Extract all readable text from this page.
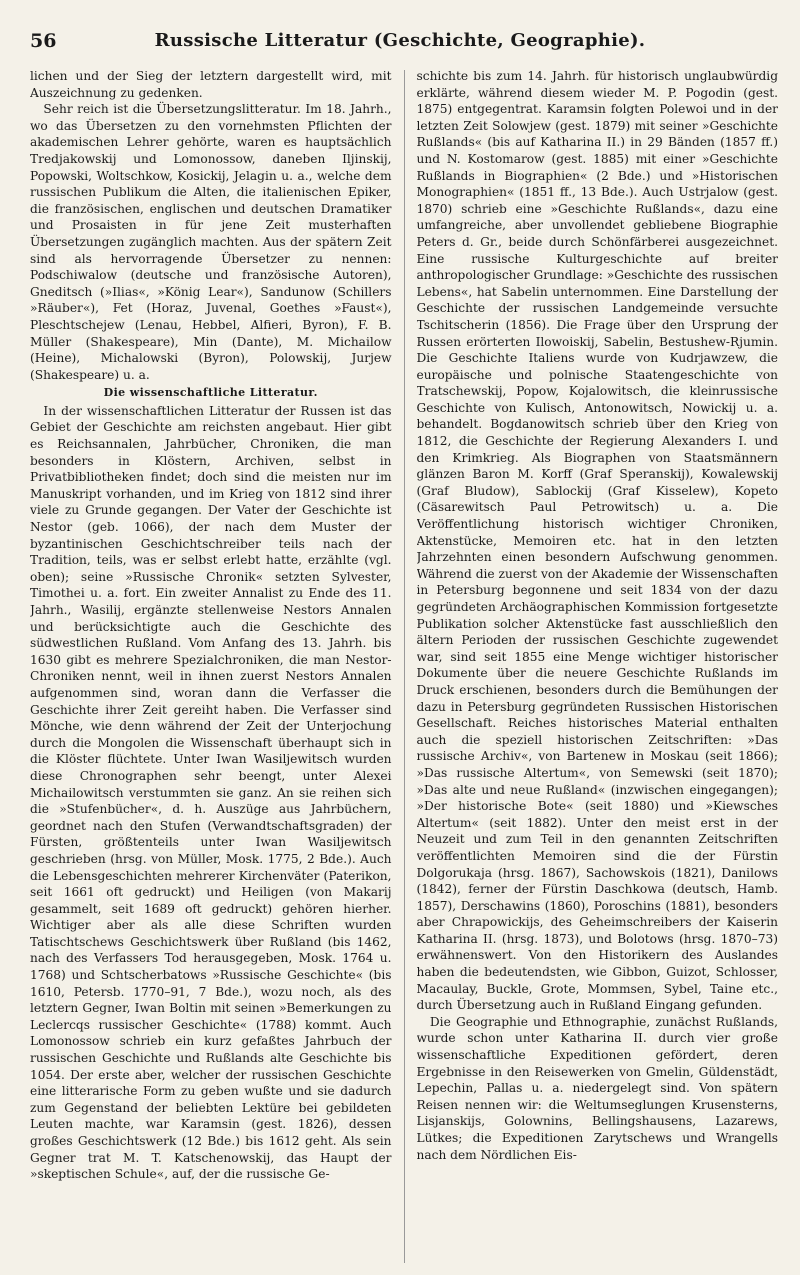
56	Russische Litteratur (Geschichte, Geographie).

lichen und der Sieg der letztern dargestellt wird, mit Auszeichnung zu gedenken.

Sehr reich ist die Übersetzungslitteratur. Im 18. Jahrh., wo das Übersetzen zu den vornehmsten Pflichten der akademischen Lehrer gehörte, waren es hauptsächlich Tredjakowskij und Lomonossow, daneben Iljinskij, Popowski, Woltschkow, Kosickij, Jelagin u. a., welche dem russischen Publikum die Alten, die italienischen Epiker, die französischen, englischen und deutschen Dramatiker und Prosaisten in für jene Zeit musterhaften Übersetzungen zugänglich machten. Aus der spätern Zeit sind als hervorragende Übersetzer zu nennen: Podschiwalow (deutsche und französische Autoren), Gneditsch (»Ilias«, »König Lear«), Sandunow (Schillers »Räuber«), Fet (Horaz, Juvenal, Goethes »Faust«), Pleschtschejew (Lenau, Hebbel, Alfieri, Byron), F. B. Müller (Shakespeare), Min (Dante), M. Michailow (Heine), Michalowski (Byron), Polowskij, Jurjew (Shakespeare) u. a.

Die wissenschaftliche Litteratur.

In der wissenschaftlichen Litteratur der Russen ist das Gebiet der Geschichte am reichsten angebaut. Hier gibt es Reichsannalen, Jahrbücher, Chroniken, die man besonders in Klöstern, Archiven, selbst in Privatbibliotheken findet; doch sind die meisten nur im Manuskript vorhanden, und im Krieg von 1812 sind ihrer viele zu Grunde gegangen. Der Vater der Geschichte ist Nestor (geb. 1066), der nach dem Muster der byzantinischen Geschichtschreiber teils nach der Tradition, teils, was er selbst erlebt hatte, erzählte (vgl. oben); seine »Russische Chronik« setzten Sylvester, Timothei u. a. fort. Ein zweiter Annalist zu Ende des 11. Jahrh., Wasilij, ergänzte stellenweise Nestors Annalen und berücksichtigte auch die Geschichte des südwestlichen Rußland. Vom Anfang des 13. Jahrh. bis 1630 gibt es mehrere Spezialchroniken, die man Nestor-Chroniken nennt, weil in ihnen zuerst Nestors Annalen aufgenommen sind, woran dann die Verfasser die Geschichte ihrer Zeit gereiht haben. Die Verfasser sind Mönche, wie denn während der Zeit der Unterjochung durch die Mongolen die Wissenschaft überhaupt sich in die Klöster flüchtete. Unter Iwan Wasiljewitsch wurden diese Chronographen sehr beengt, unter Alexei Michailowitsch verstummten sie ganz. An sie reihen sich die »Stufenbücher«, d. h. Auszüge aus Jahrbüchern, geordnet nach den Stufen (Verwandtschaftsgraden) der Fürsten, größtenteils unter Iwan Wasiljewitsch geschrieben (hrsg. von Müller, Mosk. 1775, 2 Bde.). Auch die Lebensgeschichten mehrerer Kirchenväter (Paterikon, seit 1661 oft gedruckt) und Heiligen (von Makarij gesammelt, seit 1689 oft gedruckt) gehören hierher. Wichtiger aber als alle diese Schriften wurden Tatischtschews Geschichtswerk über Rußland (bis 1462, nach des Verfassers Tod herausgegeben, Mosk. 1764 u. 1768) und Schtscherbatows »Russische Geschichte« (bis 1610, Petersb. 1770–91, 7 Bde.), wozu noch, als des letztern Gegner, Iwan Boltin mit seinen »Bemerkungen zu Leclercqs russischer Geschichte« (1788) kommt. Auch Lomonossow schrieb ein kurz gefaßtes Jahrbuch der russischen Geschichte und Rußlands alte Geschichte bis 1054. Der erste aber, welcher der russischen Geschichte eine litterarische Form zu geben wußte und sie dadurch zum Gegenstand der beliebten Lektüre bei gebildeten Leuten machte, war Karamsin (gest. 1826), dessen großes Geschichtswerk (12 Bde.) bis 1612 geht. Als sein Gegner trat M. T. Katschenowskij, das Haupt der »skeptischen Schule«, auf, der die russische Ge-

schichte bis zum 14. Jahrh. für historisch unglaubwürdig erklärte, während diesem wieder M. P. Pogodin (gest. 1875) entgegentrat. Karamsin folgten Polewoi und in der letzten Zeit Solowjew (gest. 1879) mit seiner »Geschichte Rußlands« (bis auf Katharina II.) in 29 Bänden (1857 ff.) und N. Kostomarow (gest. 1885) mit einer »Geschichte Rußlands in Biographien« (2 Bde.) und »Historischen Monographien« (1851 ff., 13 Bde.). Auch Ustrjalow (gest. 1870) schrieb eine »Geschichte Rußlands«, dazu eine umfangreiche, aber unvollendet gebliebene Biographie Peters d. Gr., beide durch Schönfärberei ausgezeichnet. Eine russische Kulturgeschichte auf breiter anthropologischer Grundlage: »Geschichte des russischen Lebens«, hat Sabelin unternommen. Eine Darstellung der Geschichte der russischen Landgemeinde versuchte Tschitscherin (1856). Die Frage über den Ursprung der Russen erörterten Ilowoiskij, Sabelin, Bestushew-Rjumin. Die Geschichte Italiens wurde von Kudrjawzew, die europäische und polnische Staatengeschichte von Tratschewskij, Popow, Kojalowitsch, die kleinrussische Geschichte von Kulisch, Antonowitsch, Nowickij u. a. behandelt. Bogdanowitsch schrieb über den Krieg von 1812, die Geschichte der Regierung Alexanders I. und den Krimkrieg. Als Biographen von Staatsmännern glänzen Baron M. Korff (Graf Speranskij), Kowalewskij (Graf Bludow), Sablockij (Graf Kisselew), Kopeto (Cäsarewitsch Paul Petrowitsch) u. a. Die Veröffentlichung historisch wichtiger Chroniken, Aktenstücke, Memoiren etc. hat in den letzten Jahrzehnten einen besondern Aufschwung genommen. Während die zuerst von der Akademie der Wissenschaften in Petersburg begonnene und seit 1834 von der dazu gegründeten Archäographischen Kommission fortgesetzte Publikation solcher Aktenstücke fast ausschließlich den ältern Perioden der russischen Geschichte zugewendet war, sind seit 1855 eine Menge wichtiger historischer Dokumente über die neuere Geschichte Rußlands im Druck erschienen, besonders durch die Bemühungen der dazu in Petersburg gegründeten Russischen Historischen Gesellschaft. Reiches historisches Material enthalten auch die speziell historischen Zeitschriften: »Das russische Archiv«, von Bartenew in Moskau (seit 1866); »Das russische Altertum«, von Semewski (seit 1870); »Das alte und neue Rußland« (inzwischen eingegangen); »Der historische Bote« (seit 1880) und »Kiewsches Altertum« (seit 1882). Unter den meist erst in der Neuzeit und zum Teil in den genannten Zeitschriften veröffentlichten Memoiren sind die der Fürstin Dolgorukaja (hrsg. 1867), Sachowskois (1821), Danilows (1842), ferner der Fürstin Daschkowa (deutsch, Hamb. 1857), Derschawins (1860), Poroschins (1881), besonders aber Chrapowickijs, des Geheimschreibers der Kaiserin Katharina II. (hrsg. 1873), und Bolotows (hrsg. 1870–73) erwähnenswert. Von den Historikern des Auslandes haben die bedeutendsten, wie Gibbon, Guizot, Schlosser, Macaulay, Buckle, Grote, Mommsen, Sybel, Taine etc., durch Übersetzung auch in Rußland Eingang gefunden.

Die Geographie und Ethnographie, zunächst Rußlands, wurde schon unter Katharina II. durch vier große wissenschaftliche Expeditionen gefördert, deren Ergebnisse in den Reisewerken von Gmelin, Güldenstädt, Lepechin, Pallas u. a. niedergelegt sind. Von spätern Reisen nennen wir: die Weltumseglungen Krusensterns, Lisjanskijs, Golownins, Bellingshausens, Lazarews, Lütkes; die Expeditionen Zarytschews und Wrangells nach dem Nördlichen Eis-
